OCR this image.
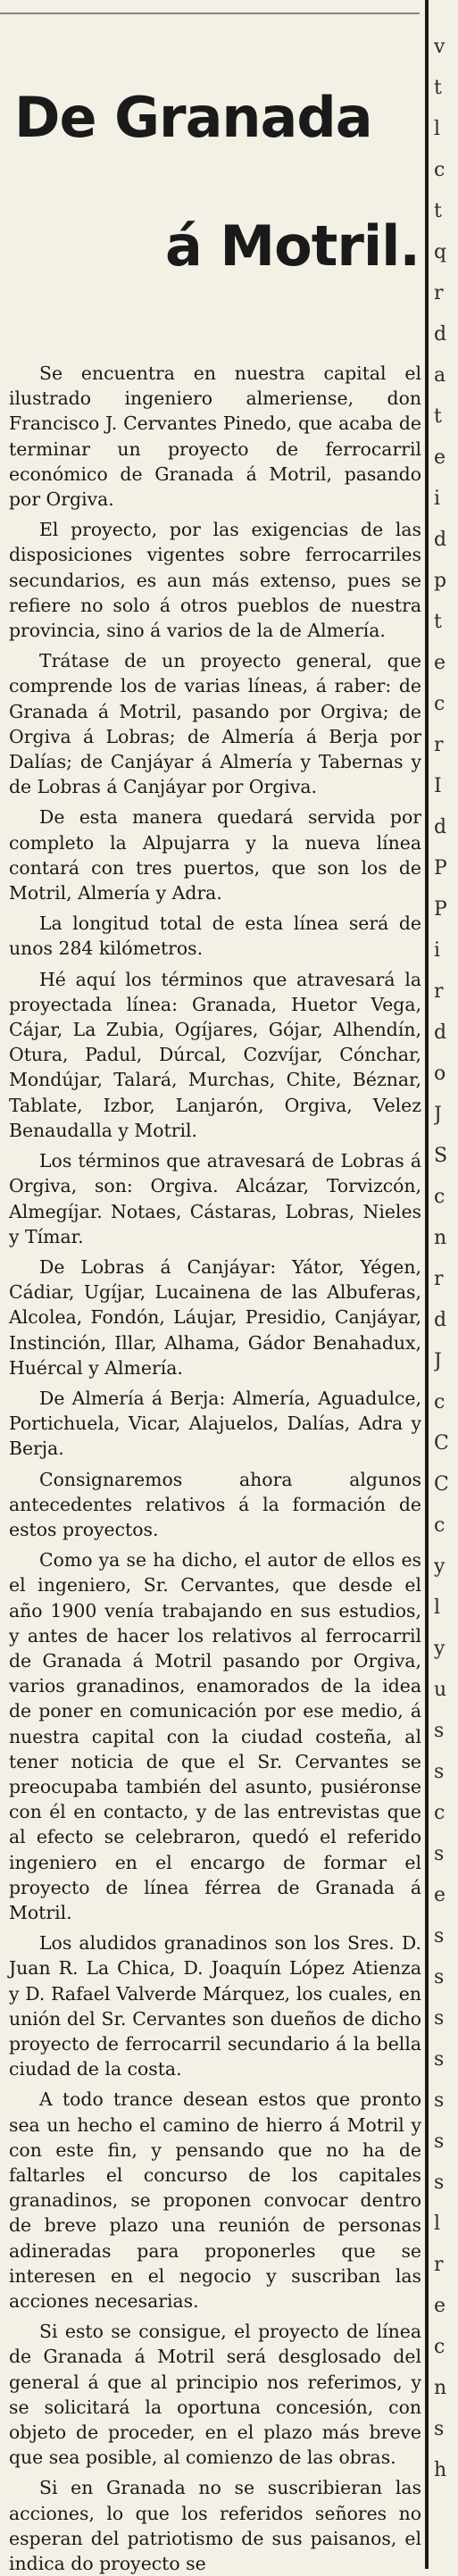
De Granada

á Motril.

Se encuentra en nuestra capital el ilustrado ingeniero almeriense, don Francisco J. Cervantes Pinedo, que acaba de terminar un proyecto de ferrocarril económico de Granada á Motril, pasando por Orgiva.

El proyecto, por las exigencias de las disposiciones vigentes sobre ferrocarriles secundarios, es aun más extenso, pues se refiere no solo á otros pueblos de nuestra provincia, sino á varios de la de Almería.

Trátase de un proyecto general, que comprende los de varias líneas, á raber: de Granada á Motril, pasando por Orgiva; de Orgiva á Lobras; de Almería á Berja por Dalías; de Canjáyar á Almería y Tabernas y de Lobras á Canjáyar por Orgiva.

De esta manera quedará servida por completo la Alpujarra y la nueva línea contará con tres puertos, que son los de Motril, Almería y Adra.

La longitud total de esta línea será de unos 284 kilómetros.

Hé aquí los términos que atravesará la proyectada línea: Granada, Huetor Vega, Cájar, La Zubia, Ogíjares, Gójar, Alhendín, Otura, Padul, Dúrcal, Cozvíjar, Cónchar, Mondújar, Talará, Murchas, Chite, Béznar, Tablate, Izbor, Lanjarón, Orgiva, Velez Benaudalla y Motril.

Los términos que atravesará de Lobras á Orgiva, son: Orgiva. Alcázar, Torvizcón, Almegíjar. Notaes, Cástaras, Lobras, Nieles y Tímar.

De Lobras á Canjáyar: Yátor, Yégen, Cádiar, Ugíjar, Lucainena de las Albuferas, Alcolea, Fondón, Láujar, Presidio, Canjáyar, Instinción, Illar, Alhama, Gádor Benahadux, Huércal y Almería.

De Almería á Berja: Almería, Aguadulce, Portichuela, Vicar, Alajuelos, Dalías, Adra y Berja.

Consignaremos ahora algunos antecedentes relativos á la formación de estos proyectos.

Como ya se ha dicho, el autor de ellos es el ingeniero, Sr. Cervantes, que desde el año 1900 venía trabajando en sus estudios, y antes de hacer los relativos al ferrocarril de Granada á Motril pasando por Orgiva, varios granadinos, enamorados de la idea de poner en comunicación por ese medio, á nuestra capital con la ciudad costeña, al tener noticia de que el Sr. Cervantes se preocupaba también del asunto, pusiéronse con él en contacto, y de las entrevistas que al efecto se celebraron, quedó el referido ingeniero en el encargo de formar el proyecto de línea férrea de Granada á Motril.

Los aludidos granadinos son los Sres. D. Juan R. La Chica, D. Joaquín López Atienza y D. Rafael Valverde Márquez, los cuales, en unión del Sr. Cervantes son dueños de dicho proyecto de ferrocarril secundario á la bella ciudad de la costa.

A todo trance desean estos que pronto sea un hecho el camino de hierro á Motril y con este fin, y pensando que no ha de faltarles el concurso de los capitales granadinos, se proponen convocar dentro de breve plazo una reunión de personas adineradas para proponerles que se interesen en el negocio y suscriban las acciones necesarias.

Si esto se consigue, el proyecto de línea de Granada á Motril será desglosado del general á que al principio nos referimos, y se solicitará la oportuna concesión, con objeto de proceder, en el plazo más breve que sea posible, al comienzo de las obras.

Si en Granada no se suscribieran las acciones, lo que los referidos señores no esperan del patriotismo de sus paisanos, el indica do proyecto se

v
t
l
c
t
q
r
d
a
t
e
i
d
p
t
e
c
r
I
d
P
P
i
r
d
o
J
S
c
n
r
d
J
c
C
C
c
y
l
y
u
s
s
c
s
e
s
s
s
s
s
s
s
l
r
e
c
n
s
h
